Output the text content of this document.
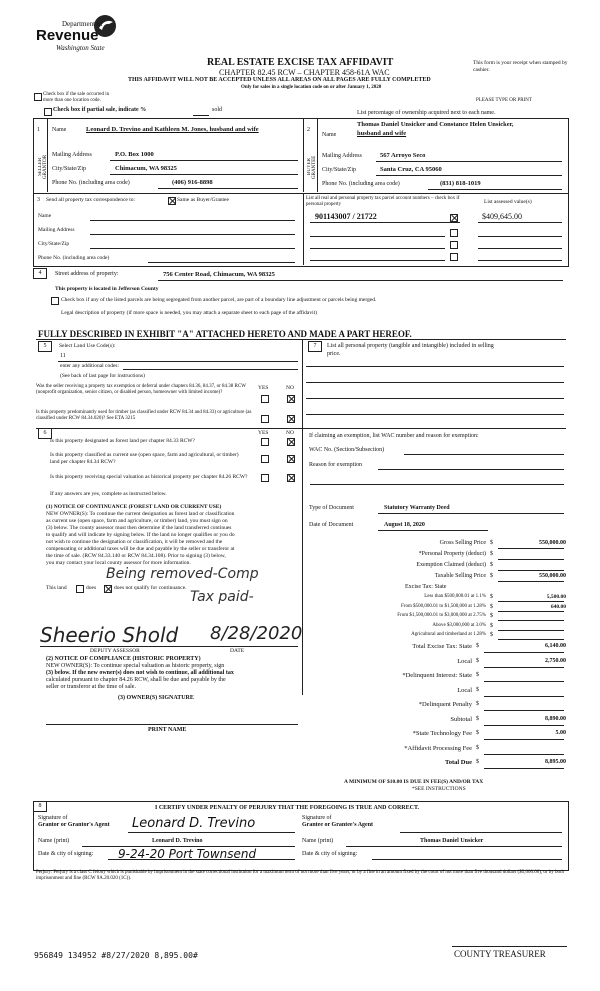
Department of
Revenue
Washington State
REAL ESTATE EXCISE TAX AFFIDAVIT
CHAPTER 82.45 RCW – CHAPTER 458-61A WAC
THIS AFFIDAVIT WILL NOT BE ACCEPTED UNLESS ALL AREAS ON ALL PAGES ARE FULLY COMPLETED
Only for sales in a single location code on or after January 1, 2020
This form is your receipt when stamped by cashier.
PLEASE TYPE OR PRINT
Check box if the sale occurred in more than one location code.
Check box if partial sale, indicate %	sold	List percentage of ownership acquired next to each name.
1
SELLER GRANTOR
2
BUYER GRANTEE
Name	Leonard D. Trevino and Kathleen M. Jones, husband and wife
Mailing Address	P.O. Box 1000
City/State/Zip	Chimacum, WA 98325
Phone No. (including area code)	(406) 916-8898
Thomas Daniel Unsicker and Constance Helen Unsicker,
Name	husband and wife
Mailing Address	567 Arroyo Seco
City/State/Zip	Santa Cruz, CA 95060
Phone No. (including area code)	(831) 818-1019
3 Send all property tax correspondence to:	Same as Buyer/Grantee
Name
Mailing Address
City/State/Zip
Phone No. (including area code)
List all real and personal property tax parcel account numbers – check box if personal property	List assessed value(s)
901143007 / 21722	$409,645.00
4	Street address of property:	756 Center Road, Chimacum, WA 98325
This property is located in Jefferson County
Check box if any of the listed parcels are being segregated from another parcel, are part of a boundary line adjustment or parcels being merged.
Legal description of property (if more space is needed, you may attach a separate sheet to each page of the affidavit)
FULLY DESCRIBED IN EXHIBIT "A" ATTACHED HERETO AND MADE A PART HEREOF.
5	Select Land Use Code(s):
11
enter any additional codes:
(See back of last page for instructions)
YES	NO
Was the seller receiving a property tax exemption or deferral under chapters 84.36, 84.37, or 84.38 RCW (nonprofit organization, senior citizen, or disabled person, homeowner with limited income)?
Is this property predominantly used for timber (as classified under RCW 84.34 and 84.33) or agriculture (as classified under RCW 84.34.020)? See ETA 3215
6	YES	NO
Is this property designated as forest land per chapter 84.33 RCW?
Is this property classified as current use (open space, farm and agricultural, or timber) land per chapter 84.34 RCW?
Is this property receiving special valuation as historical property per chapter 84.26 RCW?
If any answers are yes, complete as instructed below.
(1) NOTICE OF CONTINUANCE (FOREST LAND OR CURRENT USE)
NEW OWNER(S): To continue the current designation as forest land or classification
as current use (open space, farm and agriculture, or timber) land, you must sign on
(3) below. The county assessor must then determine if the land transferred continues
to qualify and will indicate by signing below. If the land no longer qualifies or you do
not wish to continue the designation or classification, it will be removed and the
compensating or additional taxes will be due and payable by the seller or transferor at
the time of sale. (RCW 84.33.140 or RCW 84.34.108). Prior to signing (3) below,
you may contact your local county assessor for more information.
Being removed-Comp
This land	does	does not qualify for continuance.
Tax paid-
Sheerio Shold 8/28/2020
DEPUTY ASSESSOR	DATE
(2) NOTICE OF COMPLIANCE (HISTORIC PROPERTY)
NEW OWNER(S): To continue special valuation as historic property, sign
(3) below. If the new owner(s) does not wish to continue, all additional tax
calculated pursuant to chapter 84.26 RCW, shall be due and payable by the
seller or transferor at the time of sale.
(3) OWNER(S) SIGNATURE
PRINT NAME
7	List all personal property (tangible and intangible) included in selling
price.
If claiming an exemption, list WAC number and reason for exemption:
WAC No. (Section/Subsection)
Reason for exemption
Type of Document	Statutory Warranty Deed
Date of Document	August 18, 2020
Excise Tax: State
A MINIMUM OF $10.00 IS DUE IN FEE(S) AND/OR TAX
*SEE INSTRUCTIONS
8	I CERTIFY UNDER PENALTY OF PERJURY THAT THE FOREGOING IS TRUE AND CORRECT.
Signature of
Grantor or Grantor's Agent Leonard D. Trevino	Signature of
Grantee or Grantee's Agent
Name (print)	Leonard D. Trevino	Name (print)	Thomas Daniel Unsicker
Date & city of signing: 9-24-20 Port Townsend	Date & city of signing:
Perjury: Perjury is a class C felony which is punishable by imprisonment in the state correctional institution for a maximum term of not more than five years, or by a fine in an amount fixed by the court of not more than five thousand dollars ($5,000.00), or by both imprisonment and fine (RCW 9A.20.020 (1C)).
956849 134952 #8/27/2020 8,895.00#	COUNTY TREASURER
Gross Selling Price $	550,000.00
*Personal Property (deduct) $
Exemption Claimed (deduct) $
Taxable Selling Price $	550,000.00
Less than $500,000.01 at 1.1% $	5,500.00
From $500,000.01 to $1,500,000 at 1.28% $	640.00
From $1,500,000.01 to $3,000,000 at 2.75% $
Above $3,000,000 at 3.0% $
Agricultural and timberland at 1.28% $
Total Excise Tax: State $	6,140.00
Local $	2,750.00
*Delinquent Interest: State $
Local $
*Delinquent Penalty $
Subtotal $	8,890.00
*State Technology Fee $	5.00
*Affidavit Processing Fee $
Total Due $	8,895.00
